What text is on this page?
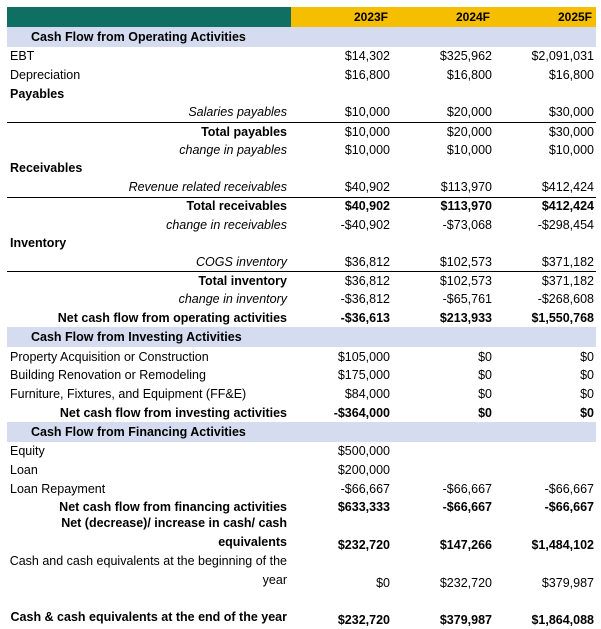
2023F	2024F	2025F
Cash Flow from Operating Activities
EBT	$14,302	$325,962	$2,091,031
Depreciation	$16,800	$16,800	$16,800
Payables
Salaries payables	$10,000	$20,000	$30,000
Total payables	$10,000	$20,000	$30,000
change in payables	$10,000	$10,000	$10,000
Receivables
Revenue related receivables	$40,902	$113,970	$412,424
Total receivables	$40,902	$113,970	$412,424
change in receivables	-$40,902	-$73,068	-$298,454
Inventory
COGS inventory	$36,812	$102,573	$371,182
Total inventory	$36,812	$102,573	$371,182
change in inventory	-$36,812	-$65,761	-$268,608
Net cash flow from operating activities	-$36,613	$213,933	$1,550,768
Cash Flow from Investing Activities
Property Acquisition or Construction	$105,000	$0	$0
Building Renovation or Remodeling	$175,000	$0	$0
Furniture, Fixtures, and Equipment (FF&E)	$84,000	$0	$0
Net cash flow from investing activities	-$364,000	$0	$0
Cash Flow from Financing Activities
Equity	$500,000
Loan	$200,000
Loan Repayment	-$66,667	-$66,667	-$66,667
Net cash flow from financing activities	$633,333	-$66,667	-$66,667
Net (decrease)/ increase in cash/ cash equivalents	$232,720	$147,266	$1,484,102
Cash and cash equivalents at the beginning of the year	$0	$232,720	$379,987
Cash & cash equivalents at the end of the year	$232,720	$379,987	$1,864,088
